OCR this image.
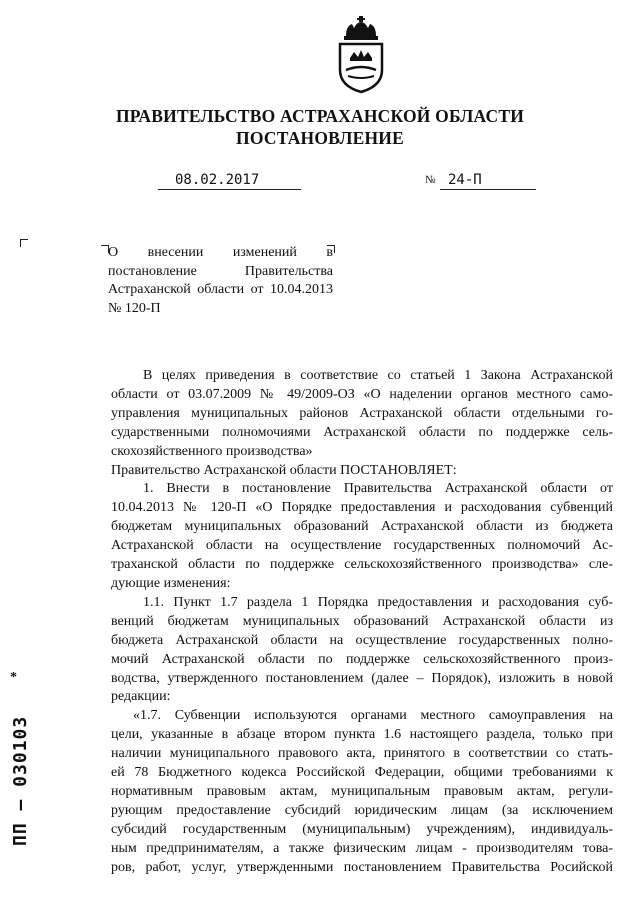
ПРАВИТЕЛЬСТВО АСТРАХАНСКОЙ ОБЛАСТИ
ПОСТАНОВЛЕНИЕ
08.02.2017	№ 24-П
О внесении изменений в постановление Правительства Астраханской области от 10.04.2013 № 120-П

В целях приведения в соответствие со статьей 1 Закона Астраханской

области от 03.07.2009 № 49/2009-ОЗ «О наделении органов местного само-

управления муниципальных районов Астраханской области отдельными го-

сударственными полномочиями Астраханской области по поддержке сель-

скохозяйственного производства»

Правительство Астраханской области ПОСТАНОВЛЯЕТ:

1. Внести в постановление Правительства Астраханской области от

10.04.2013 № 120-П «О Порядке предоставления и расходования субвенций

бюджетам муниципальных образований Астраханской области из бюджета

Астраханской области на осуществление государственных полномочий Ас-

траханской области по поддержке сельскохозяйственного производства» сле-

дующие изменения:

1.1. Пункт 1.7 раздела 1 Порядка предоставления и расходования суб-

венций бюджетам муниципальных образований Астраханской области из

бюджета Астраханской области на осуществление государственных полно-

мочий Астраханской области по поддержке сельскохозяйственного произ-

водства, утвержденного постановлением (далее – Порядок), изложить в новой

редакции:

«1.7. Субвенции используются органами местного самоуправления на

цели, указанные в абзаце втором пункта 1.6 настоящего раздела, только при

наличии муниципального правового акта, принятого в соответствии со стать-

ей 78 Бюджетного кодекса Российской Федерации, общими требованиями к

нормативным правовым актам, муниципальным правовым актам, регули-

рующим предоставление субсидий юридическим лицам (за исключением

субсидий государственным (муниципальным) учреждениям), индивидуаль-

ным предпринимателям, а также физическим лицам - производителям това-

ров, работ, услуг, утвержденными постановлением Правительства Росийской

*
ПП – 030103
